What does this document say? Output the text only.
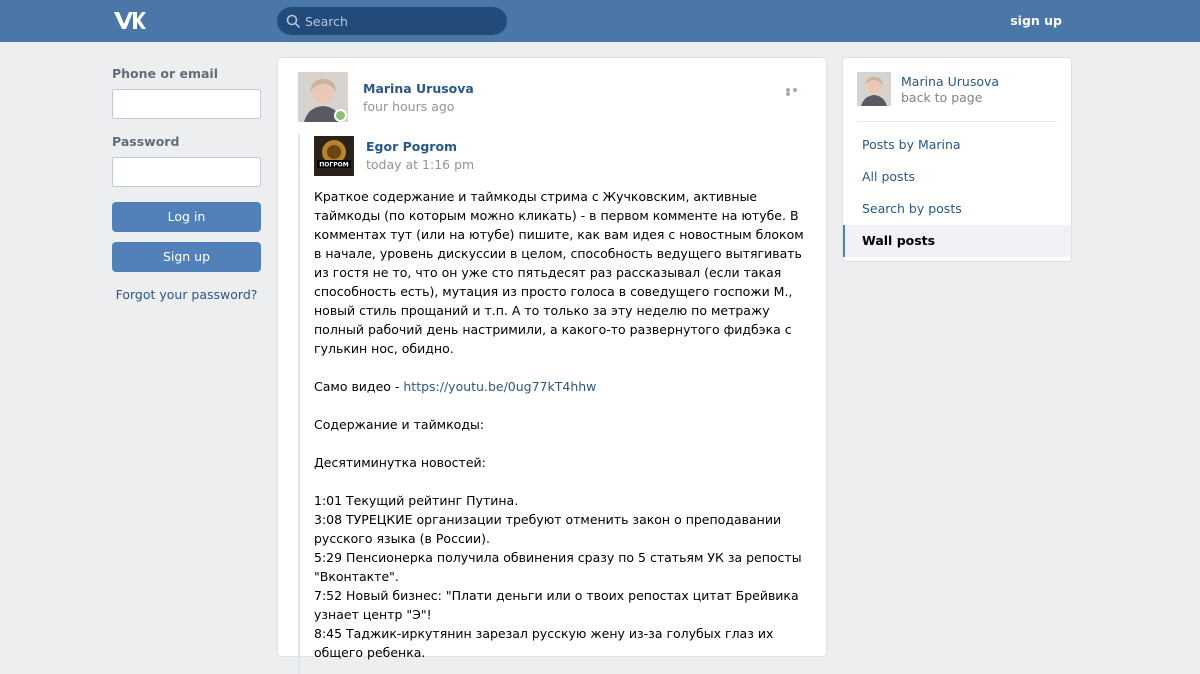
Search
sign up
Phone or email
Password
Log in
Sign up
Forgot your password?
Marina Urusova
four hours ago
ПОГРОМ
Egor Pogrom
today at 1:16 pm

Краткое содержание и таймкоды стрима с Жучковским, активные таймкоды (по которым можно кликать) - в первом комменте на ютубе. В комментах тут (или на ютубе) пишите, как вам идея с новостным блоком в начале, уровень дискуссии в целом, способность ведущего вытягивать из гостя не то, что он уже сто пятьдесят раз рассказывал (если такая способность есть), мутация из просто голоса в соведущего госпожи М., новый стиль прощаний и т.п. А то только за эту неделю по метражу полный рабочий день настримили, а какого-то развернутого фидбэка с гулькин нос, обидно.

Само видео - https://youtu.be/0ug77kT4hhw

Содержание и таймкоды:

Десятиминутка новостей:

1:01 Текущий рейтинг Путина.

3:08 ТУРЕЦКИЕ организации требуют отменить закон о преподавании русского языка (в России).

5:29 Пенсионерка получила обвинения сразу по 5 статьям УК за репосты "Вконтакте".

7:52 Новый бизнес: "Плати деньги или о твоих репостах цитат Брейвика узнает центр "Э"!

8:45 Таджик-иркутянин зарезал русскую жену из-за голубых глаз их общего ребенка.

Marina Urusova
back to page
Posts by Marina
All posts
Search by posts
Wall posts
